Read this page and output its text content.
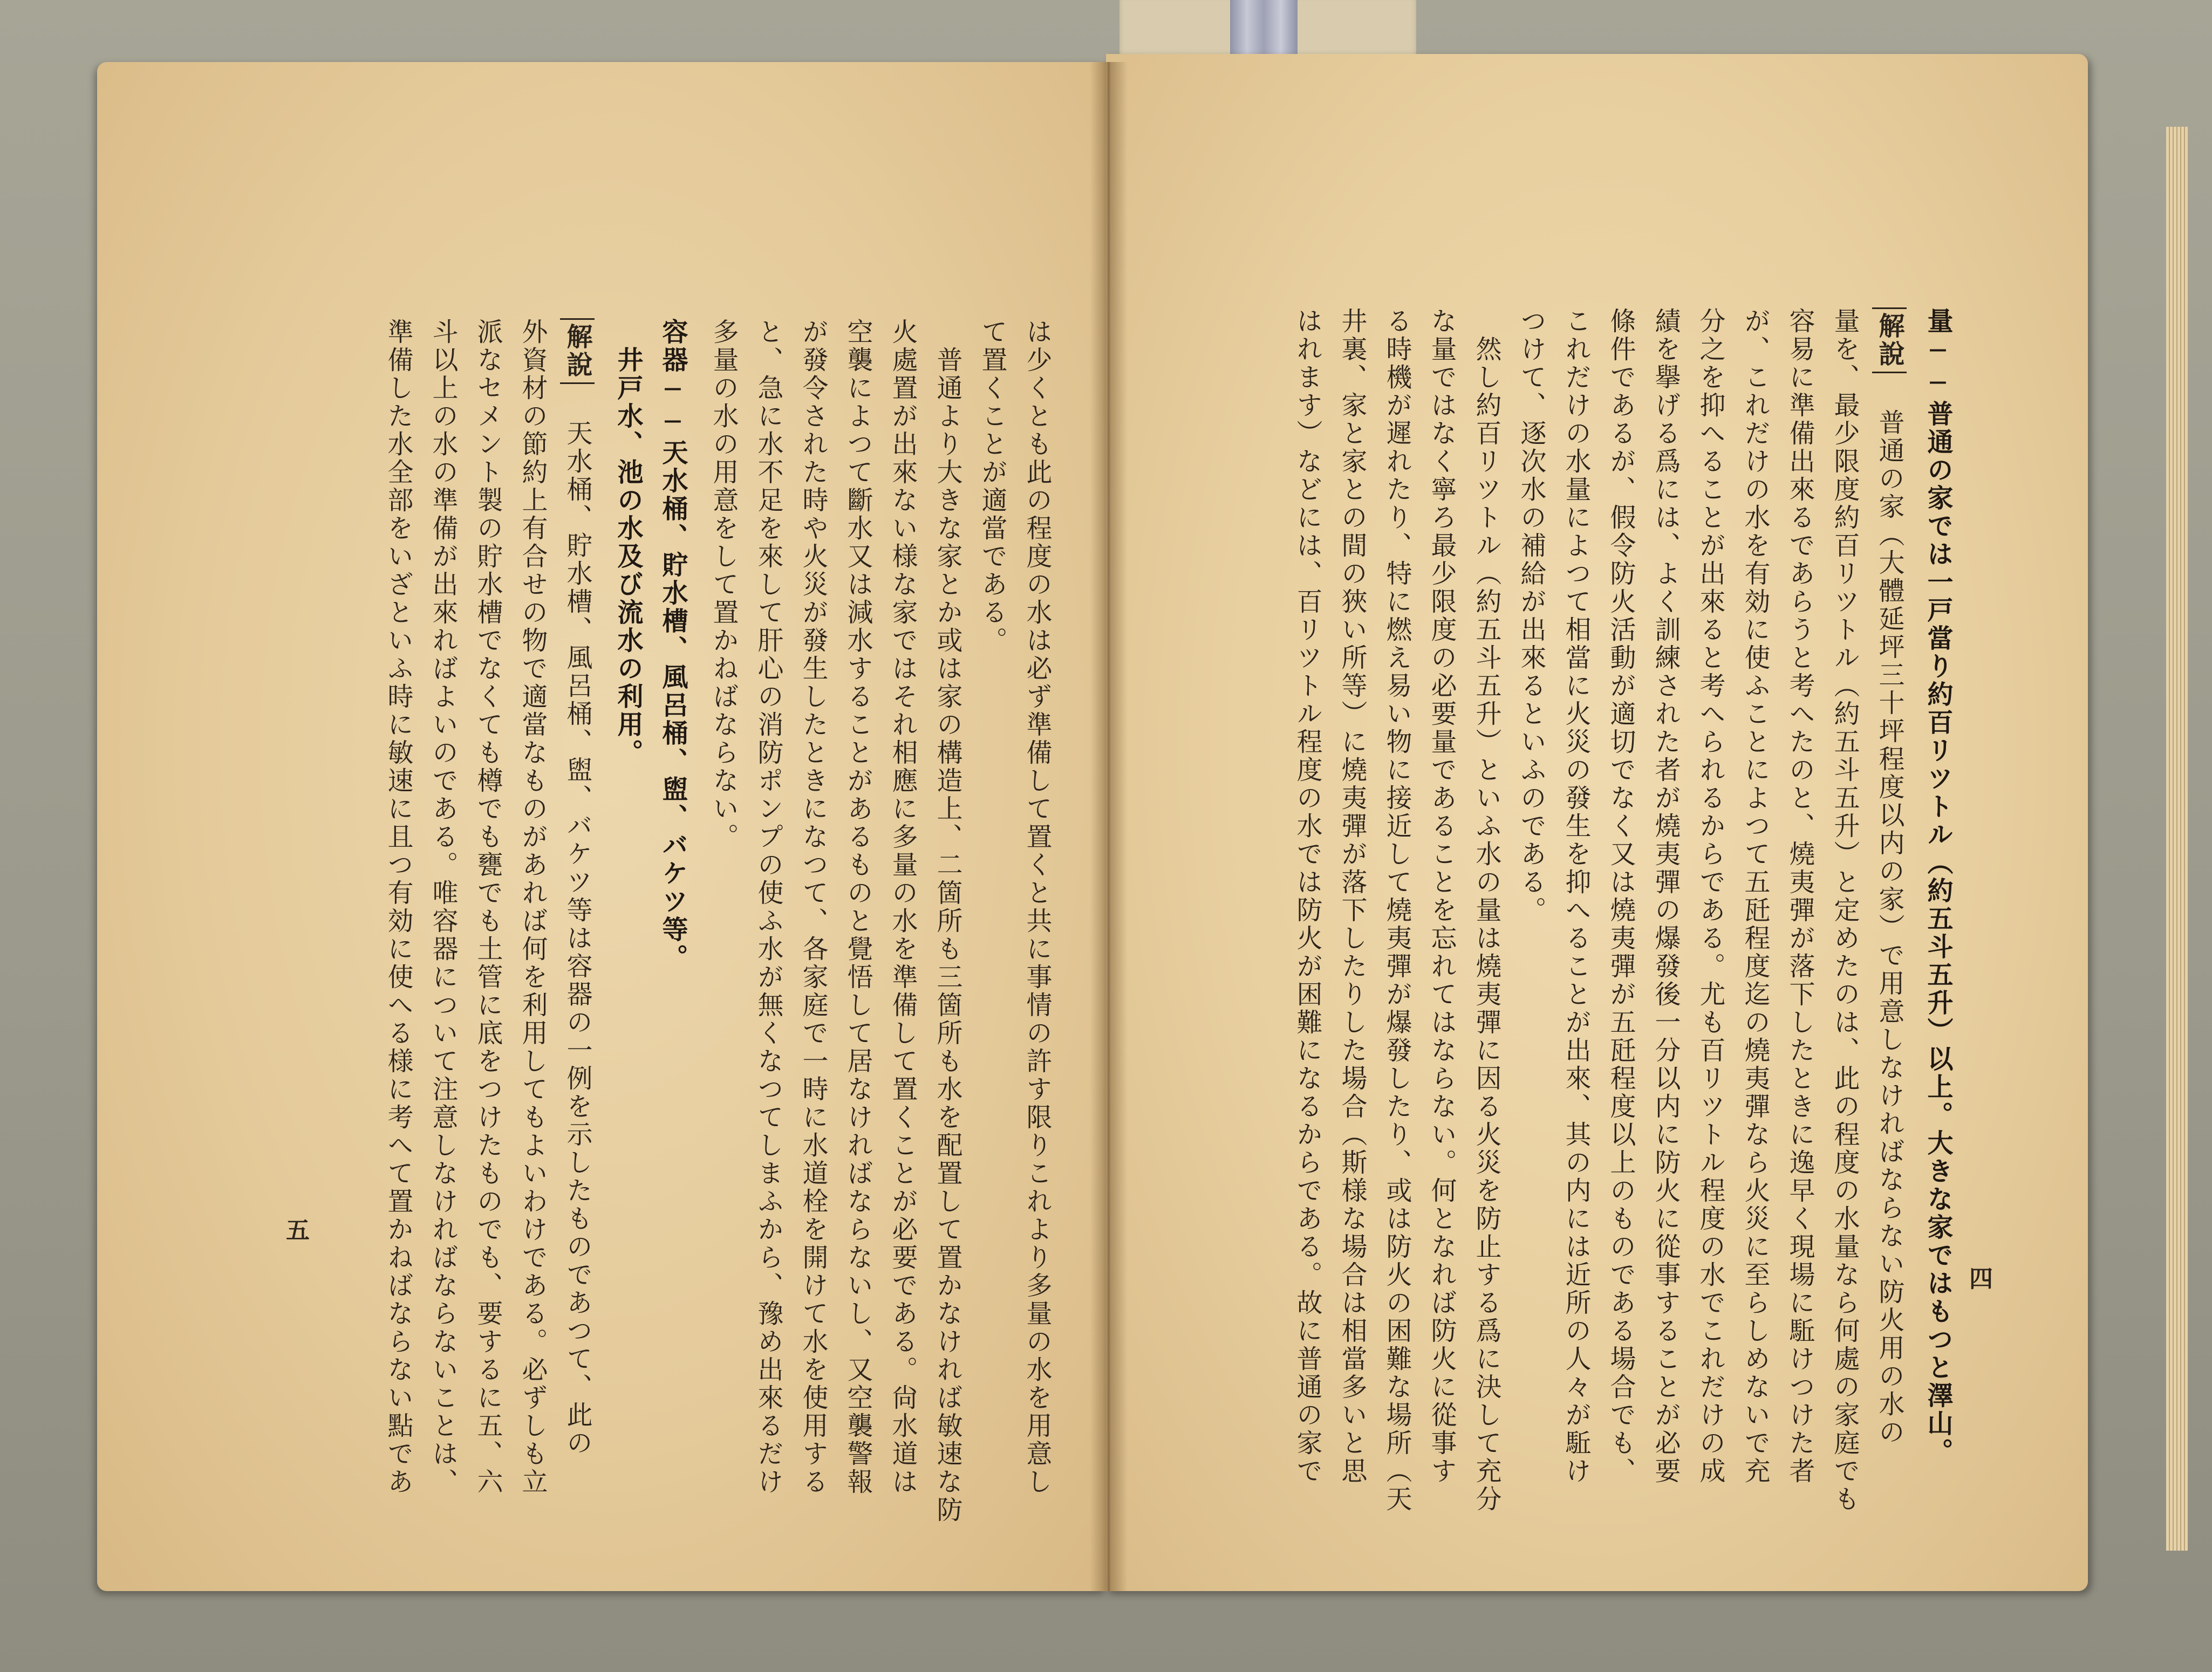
は少くとも此の程度の水は必ず準備して置くと共に事情の許す限りこれより多量の水を用意し
て置くことが適當である。
　普通より大きな家とか或は家の構造上、二箇所も三箇所も水を配置して置かなければ敏速な防
火處置が出來ない様な家ではそれ相應に多量の水を準備して置くことが必要である。尙水道は
空襲によつて斷水又は減水することがあるものと覺悟して居なければならないし、又空襲警報
が發令された時や火災が發生したときになつて、各家庭で一時に水道栓を開けて水を使用する
と、急に水不足を來して肝心の消防ポンプの使ふ水が無くなつてしまふから、豫め出來るだけ
多量の水の用意をして置かねばならない。
容器──天水桶、貯水槽、風呂桶、盥、バケツ等。
　井戸水、池の水及び流水の利用。
解說　天水桶、貯水槽、風呂桶、盥、バケツ等は容器の一例を示したものであつて、此の
外資材の節約上有合せの物で適當なものがあれば何を利用してもよいわけである。必ずしも立
派なセメント製の貯水槽でなくても樽でも甕でも土管に底をつけたものでも、要するに五、六
斗以上の水の準備が出來ればよいのである。唯容器について注意しなければならないことは、
準備した水全部をいざといふ時に敏速に且つ有効に使へる様に考へて置かねばならない點であ
五	量──普通の家では一戸當り約百リツトル（約五斗五升）以上。大きな家ではもつと澤山。
解說　普通の家（大體延坪三十坪程度以内の家）で用意しなければならない防火用の水の
量を、最少限度約百リツトル（約五斗五升）と定めたのは、此の程度の水量なら何處の家庭でも
容易に準備出來るであらうと考へたのと、燒夷彈が落下したときに逸早く現場に駈けつけた者
が、これだけの水を有効に使ふことによつて五瓩程度迄の燒夷彈なら火災に至らしめないで充
分之を抑へることが出來ると考へられるからである。尤も百リツトル程度の水でこれだけの成
績を擧げる爲には、よく訓練された者が燒夷彈の爆發後一分以内に防火に從事することが必要
條件であるが、假令防火活動が適切でなく又は燒夷彈が五瓩程度以上のものである場合でも、
これだけの水量によつて相當に火災の發生を抑へることが出來、其の内には近所の人々が駈け
つけて、逐次水の補給が出來るといふのである。
　然し約百リツトル（約五斗五升）といふ水の量は燒夷彈に因る火災を防止する爲に決して充分
な量ではなく寧ろ最少限度の必要量であることを忘れてはならない。何となれば防火に從事す
る時機が遲れたり、特に燃え易い物に接近して燒夷彈が爆發したり、或は防火の困難な場所（天
井裏、家と家との間の狹い所等）に燒夷彈が落下したりした場合（斯様な場合は相當多いと思
はれます）などには、百リツトル程度の水では防火が困難になるからである。故に普通の家で	四
